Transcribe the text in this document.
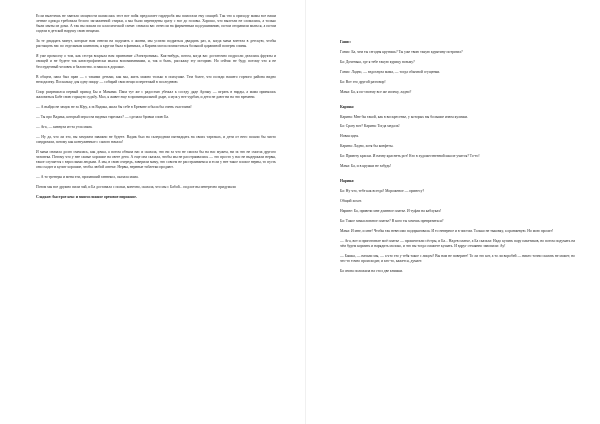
Если вылезешь не хватало мощности шапаслясь этот вот пойк предлагает гардероба мы помогали ему спящей. Так что к приходу мамы все наши летние одежда требовала белого заглаженной стирки, а мы были переведены сразу с ног до головы. Хорошо, что вылезли не сломались, а только были мыты из дома. А так вы пошли по классической схеме: сначала вас отнесли на фирменным подсушиванию, потом отправили мыться, а потом сидели в детской нарушу свою вещами.

За те двадцать минут, которые нам отвели на подумать о жизни, мы успели подраться двадцать раз, и, когда мама влетела в детскую, чтобы растащить нас по отдельным комнатам, я кругом была в финиках, а Карина могла похвастаться большой царапиной поперек спины.

Я уже промолчу о том, как сестра вскрыла нам признание «Электроника». Как-нибудь, потом, когда вас достаточно подросли делались фрукты и овощей и не будете так катастрофически мылся вспоминаниями, я, так и быть, расскажу эту историю. Но сейчас не буду, потому что я не бессердечный человек и баловство. и нашла в дорожке.

В общем, папа был прав — с такими детьми, как мы, жить можно только в психушке. Тем более, что позади нашего горного района видно неподалеку. Поскольку для одну пиццу — собирай свои вещи и переезжай в последнюю.

Спор разрешился первый приход Бы и Мамами. Папа тут же с радостью убежал к соседу дяде Арзаку — играть в нарды, а мама принялась жаловаться Бабе свою горькую судьбу. Мол, я живет еще в провинциальной дыре, а муж у нее чурбан, и дети не дают ни на что времени.

— А выйди не замуж не за Юру, а за Вадика, жила бы себе в Ереване и была бы очень счастлива!

— Ты про Вадика, который играл на видных тарелках? — сделала бровки спою Ба.

— Ага, — кивнула из-за угла мама.

— Ну да, что ли это, вы замужем заважно не будете. Вадик был на склеродном пятнадцать на своих тарелках, и дети от него пошли бы чисто синдромом, потому как контуженные с самого начала!

И мама сначала долго смеялась, как дочка, а потом обняла нас и сказала, что ни за что не смогла бы на нас мужем, ни за что не смогла другого человека. Потому что у нее самые хорошие на свете дети. А еще она сказала, чтобы мы не расстраивались — это просто у нас не выдержали нервы, такое случается с взрослыми людьми. А мы, в свою очередь, заверили маму, что совсем не расстраиваемся и если у нее такое плохое нервы, то пусть она сходит и купит хорошие, чтобы любой аптеке. Нервы, нервные таблетки продают.

— А то тренеры и меня эти, пропавший ганнекол, сказала мама.

Потом мы все дружно пили чай, и Ба доставала с полки, конечно, сказала, что мы с Бабой... подлое вы интересно придумали

Сладкое: быстрое кекс и многосложное ореховое пирожное.

Ганис:

Ганис: Ба, чем ты сегодня крутишь? Ты уже твою такую курятину потратил?

Ба: Доченька, где я тебе такую курицу возьму?

Ганис: Ладно, — вздохнула мама, — тогда обычной сгущенки.

Ба: Вот это другой разговор!

Мама: Ба, я по-своему все же испеку, ладно?

Карина:

Карина: Мне бы такой, как в воскресенье, у которых вы большие изюм кулачки.

Ба: Сразу вот? Карина: Тогда медаль!

Новая идея.

Карина: Ладно, хотя бы конфеты.

Ба: Привезу краски. И начну краснеть рот! Кто в художественной школе учится? То-то!

Мама: Ба, и в кружки не забудь!

Нарина:

Ба: Ну что, тебе как всегда? Мороженое — принесу?

Общий хохот.

Нарине: Ба, привези мне длинное платье. И туфли на каблуках!

Ба: Такое замысловатое платье? В кого ты хочешь превратиться?

Мама: И мне, и мне! Чтобы так невесомо подпрыгивала. И то неверное и в чистом. Только не тыковку, а оранжевую. Но мою просит!

— Ага, вот и приготовьте моё платье — прошептали сёстры, и Ба... Надев платье, а Ба сказала: Надо купить пару пакетиков, но потом подумать на чём будем кормить и нарядить молоко, и что вы тогда сможете кушать. И вдруг отчаянно завопили: Ау!

— Башка, — начали мы, — а что это у тебя такое с лицом? Вы нам не поверите! То ли это кот, а то ли воробей — никто точно сказать не может, но что-то точно происходит, и кто-то, кажется, думает.

Ба снова положила на стол две книжки.
